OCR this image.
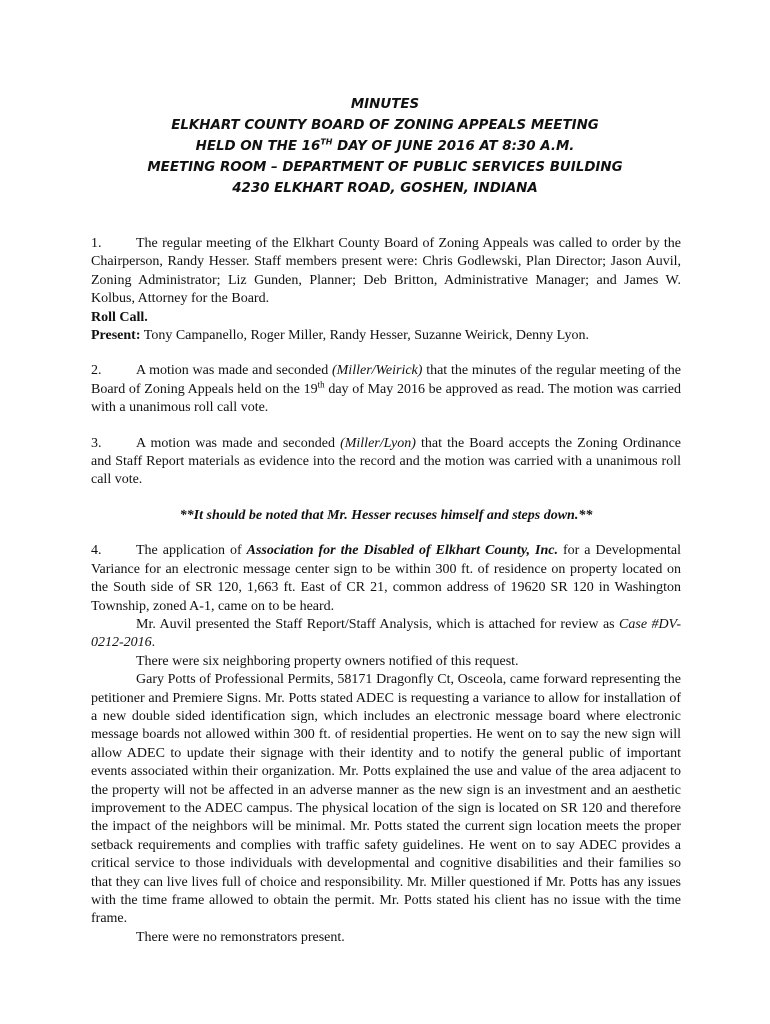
MINUTES
ELKHART COUNTY BOARD OF ZONING APPEALS MEETING
HELD ON THE 16TH DAY OF JUNE 2016 AT 8:30 A.M.
MEETING ROOM – DEPARTMENT OF PUBLIC SERVICES BUILDING
4230 ELKHART ROAD, GOSHEN, INDIANA

1. The regular meeting of the Elkhart County Board of Zoning Appeals was called to order by the Chairperson, Randy Hesser. Staff members present were: Chris Godlewski, Plan Director; Jason Auvil, Zoning Administrator; Liz Gunden, Planner; Deb Britton, Administrative Manager; and James W. Kolbus, Attorney for the Board.

Roll Call.

Present: Tony Campanello, Roger Miller, Randy Hesser, Suzanne Weirick, Denny Lyon.

2. A motion was made and seconded (Miller/Weirick) that the minutes of the regular meeting of the Board of Zoning Appeals held on the 19th day of May 2016 be approved as read. The motion was carried with a unanimous roll call vote.

3. A motion was made and seconded (Miller/Lyon) that the Board accepts the Zoning Ordinance and Staff Report materials as evidence into the record and the motion was carried with a unanimous roll call vote.

**It should be noted that Mr. Hesser recuses himself and steps down.**

4. The application of Association for the Disabled of Elkhart County, Inc. for a Developmental Variance for an electronic message center sign to be within 300 ft. of residence on property located on the South side of SR 120, 1,663 ft. East of CR 21, common address of 19620 SR 120 in Washington Township, zoned A-1, came on to be heard.

Mr. Auvil presented the Staff Report/Staff Analysis, which is attached for review as Case #DV-0212-2016.

There were six neighboring property owners notified of this request.

Gary Potts of Professional Permits, 58171 Dragonfly Ct, Osceola, came forward representing the petitioner and Premiere Signs. Mr. Potts stated ADEC is requesting a variance to allow for installation of a new double sided identification sign, which includes an electronic message board where electronic message boards not allowed within 300 ft. of residential properties. He went on to say the new sign will allow ADEC to update their signage with their identity and to notify the general public of important events associated within their organization. Mr. Potts explained the use and value of the area adjacent to the property will not be affected in an adverse manner as the new sign is an investment and an aesthetic improvement to the ADEC campus. The physical location of the sign is located on SR 120 and therefore the impact of the neighbors will be minimal. Mr. Potts stated the current sign location meets the proper setback requirements and complies with traffic safety guidelines. He went on to say ADEC provides a critical service to those individuals with developmental and cognitive disabilities and their families so that they can live lives full of choice and responsibility. Mr. Miller questioned if Mr. Potts has any issues with the time frame allowed to obtain the permit. Mr. Potts stated his client has no issue with the time frame.

There were no remonstrators present.
